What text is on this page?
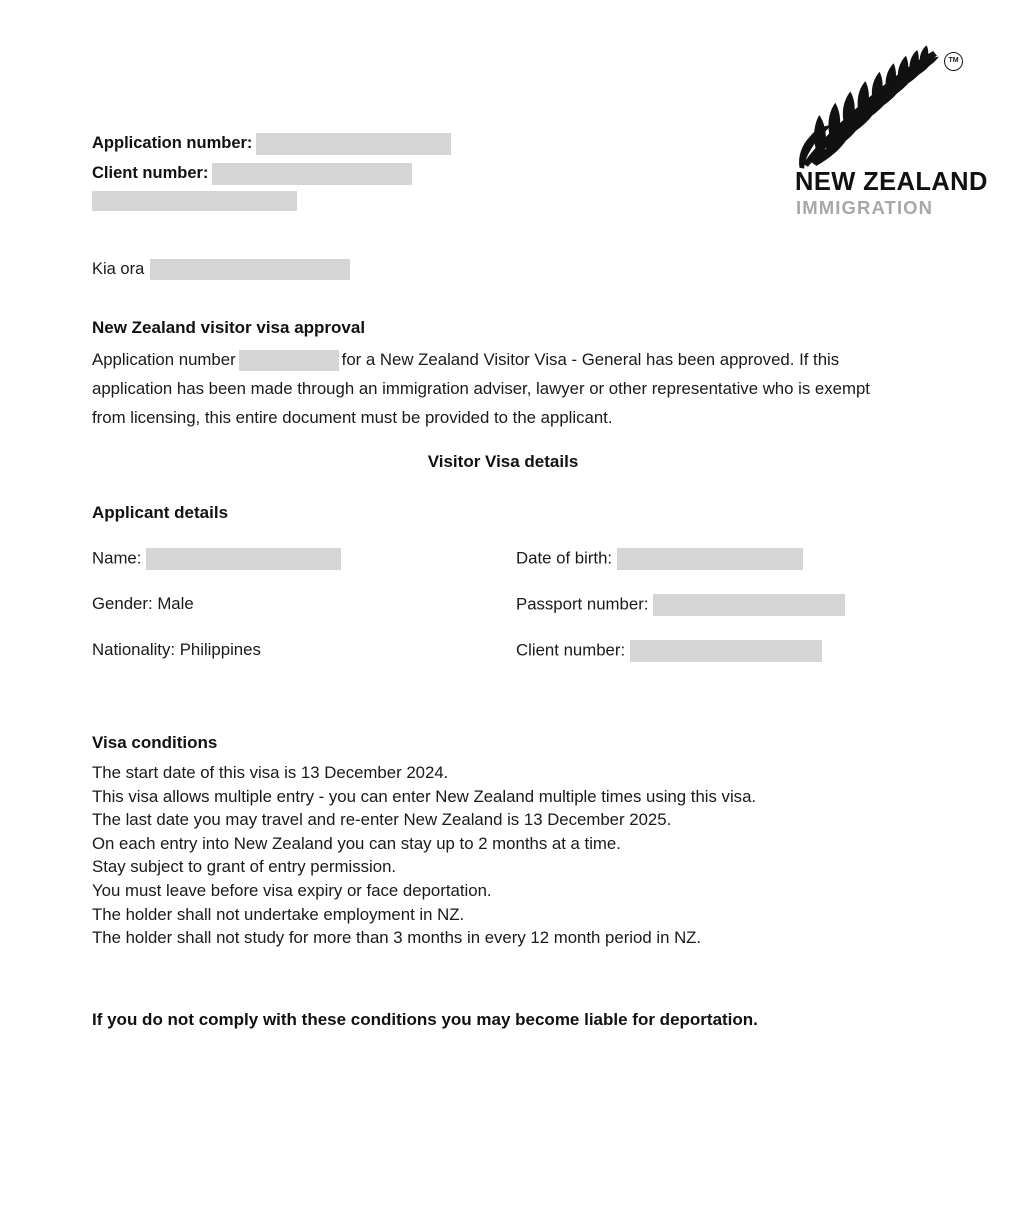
TM
NEW ZEALAND
IMMIGRATION
Application number:
Client number:
Kia ora
New Zealand visitor visa approval
Application number	for a New Zealand Visitor Visa - General has been approved. If this application has been made through an immigration adviser, lawyer or other representative who is exempt from licensing, this entire document must be provided to the applicant.
Visitor Visa details
Applicant details
Name:	Date of birth:
Gender: Male	Passport number:
Nationality: Philippines	Client number:
Visa conditions
The start date of this visa is 13 December 2024.
This visa allows multiple entry - you can enter New Zealand multiple times using this visa.
The last date you may travel and re-enter New Zealand is 13 December 2025.
On each entry into New Zealand you can stay up to 2 months at a time.
Stay subject to grant of entry permission.
You must leave before visa expiry or face deportation.
The holder shall not undertake employment in NZ.
The holder shall not study for more than 3 months in every 12 month period in NZ.
If you do not comply with these conditions you may become liable for deportation.
